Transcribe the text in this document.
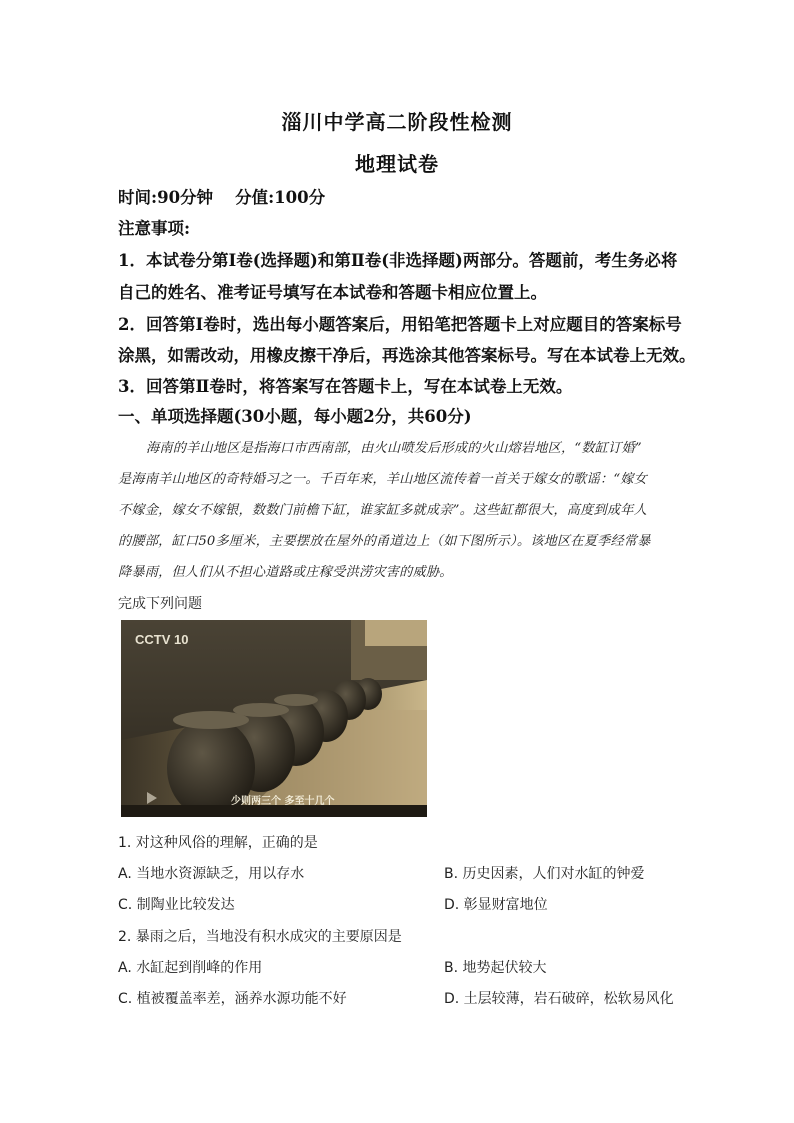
淄川中学高二阶段性检测
地理试卷
时间:90分钟 分值:100分
注意事项:
1．本试卷分第Ⅰ卷(选择题)和第Ⅱ卷(非选择题)两部分。答题前，考生务必将
自己的姓名、准考证号填写在本试卷和答题卡相应位置上。
2．回答第Ⅰ卷时，选出每小题答案后，用铅笔把答题卡上对应题目的答案标号
涂黑，如需改动，用橡皮擦干净后，再选涂其他答案标号。写在本试卷上无效。
3．回答第Ⅱ卷时，将答案写在答题卡上，写在本试卷上无效。
一、单项选择题(30小题，每小题2分，共60分)
海南的羊山地区是指海口市西南部，由火山喷发后形成的火山熔岩地区，“数缸订婚”
是海南羊山地区的奇特婚习之一。千百年来，羊山地区流传着一首关于嫁女的歌谣：“嫁女
不嫁金，嫁女不嫁银，数数门前檐下缸，谁家缸多就成亲”。这些缸都很大，高度到成年人
的腰部，缸口50多厘米，主要摆放在屋外的甬道边上（如下图所示）。该地区在夏季经常暴
降暴雨，但人们从不担心道路或庄稼受洪涝灾害的威胁。
完成下列问题
CCTV 10
少则两三个 多至十几个
1. 对这种风俗的理解，正确的是
A. 当地水资源缺乏，用以存水	B. 历史因素，人们对水缸的钟爱
C. 制陶业比较发达	D. 彰显财富地位
2. 暴雨之后，当地没有积水成灾的主要原因是
A. 水缸起到削峰的作用	B. 地势起伏较大
C. 植被覆盖率差，涵养水源功能不好	D. 土层较薄，岩石破碎，松软易风化
